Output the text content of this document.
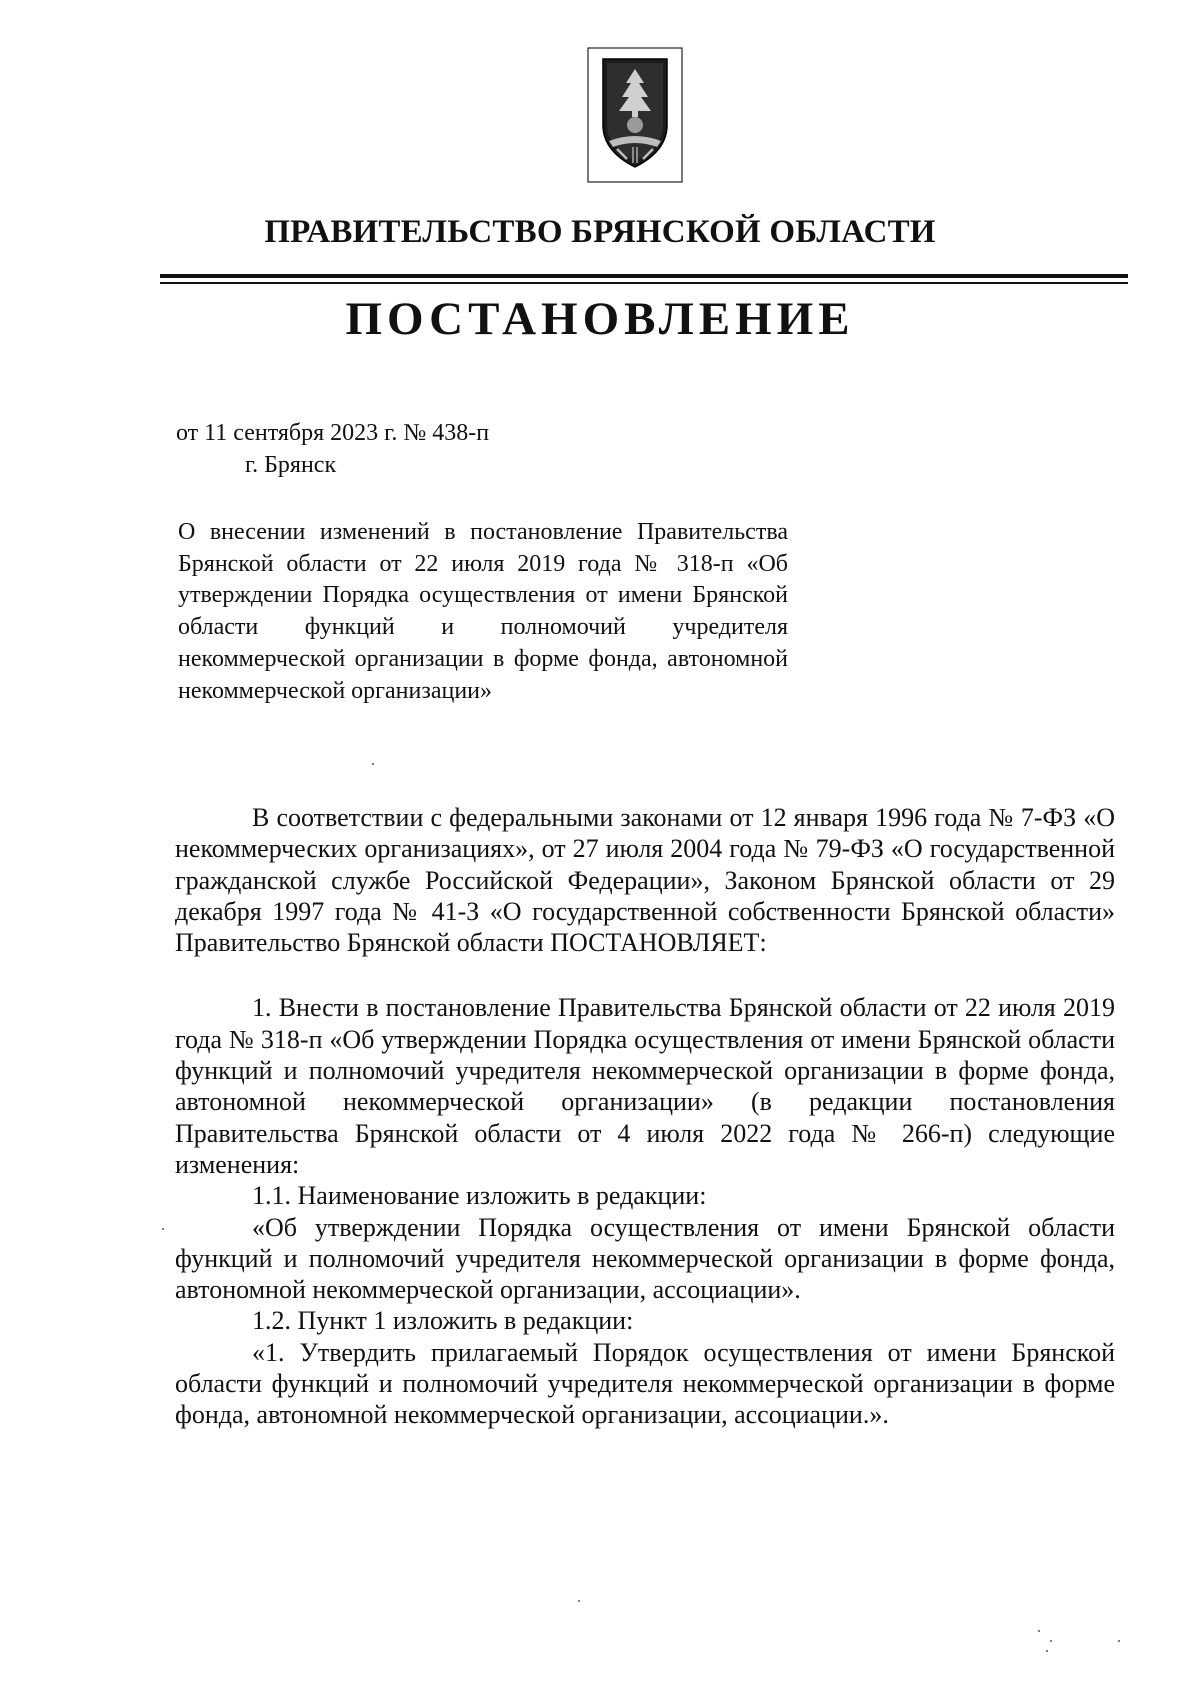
ПРАВИТЕЛЬСТВО БРЯНСКОЙ ОБЛАСТИ
ПОСТАНОВЛЕНИЕ
от 11 сентября 2023 г. № 438-п
г. Брянск
О внесении изменений в постановление Правительства Брянской области от 22 июля 2019 года № 318-п «Об утверждении Порядка осуществления от имени Брянской области функций и полномочий учредителя некоммерческой организации в форме фонда, автономной некоммерческой организации»

В соответствии с федеральными законами от 12 января 1996 года № 7-ФЗ «О некоммерческих организациях», от 27 июля 2004 года № 79-ФЗ «О государственной гражданской службе Российской Федерации», Законом Брянской области от 29 декабря 1997 года № 41-З «О государственной собственности Брянской области» Правительство Брянской области ПОСТАНОВЛЯЕТ:

1. Внести в постановление Правительства Брянской области от 22 июля 2019 года № 318-п «Об утверждении Порядка осуществления от имени Брянской области функций и полномочий учредителя некоммерческой организации в форме фонда, автономной некоммерческой организации» (в редакции постановления Правительства Брянской области от 4 июля 2022 года № 266-п) следующие изменения:

1.1. Наименование изложить в редакции:

«Об утверждении Порядка осуществления от имени Брянской области функций и полномочий учредителя некоммерческой организации в форме фонда, автономной некоммерческой организации, ассоциации».

1.2. Пункт 1 изложить в редакции:

«1. Утвердить прилагаемый Порядок осуществления от имени Брянской области функций и полномочий учредителя некоммерческой организации в форме фонда, автономной некоммерческой организации, ассоциации.».
